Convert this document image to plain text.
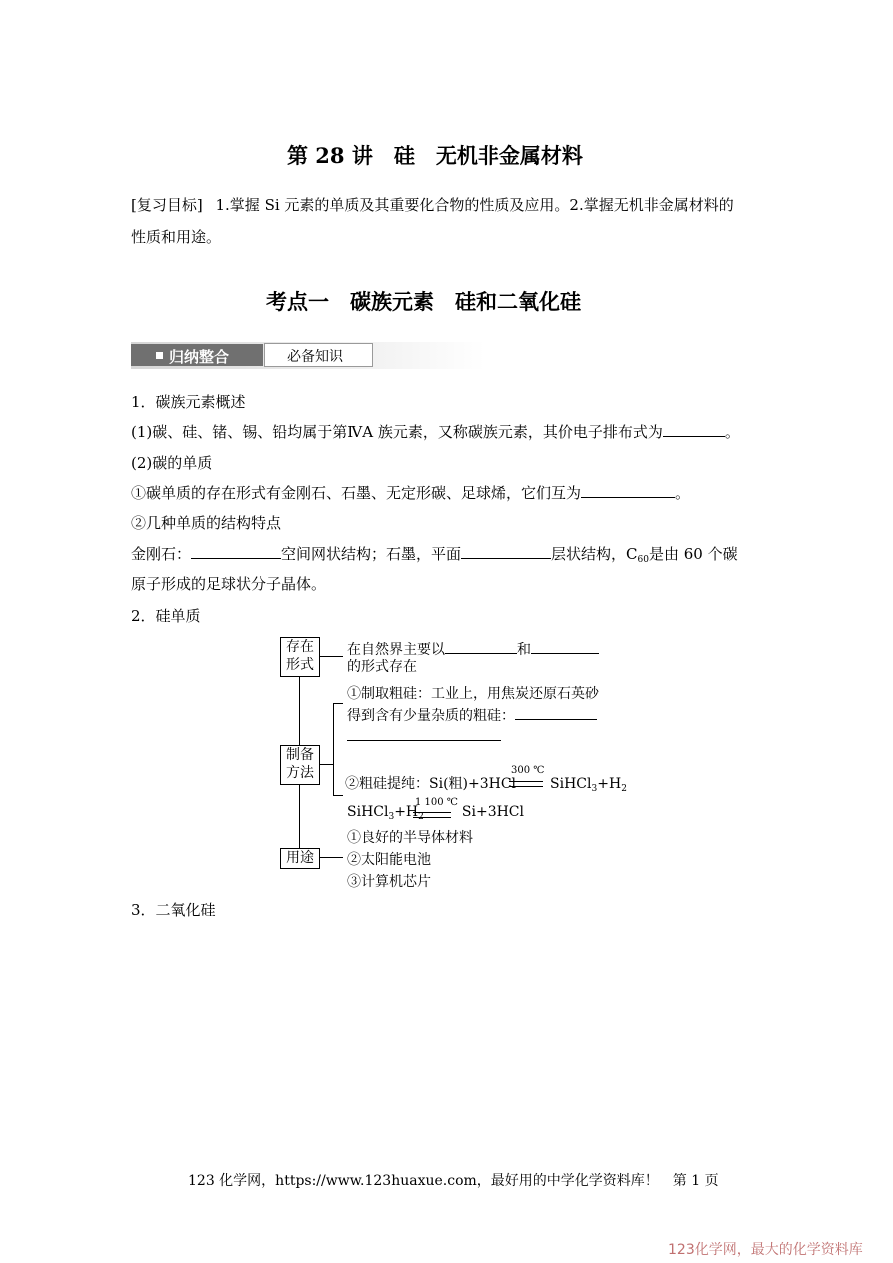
第 28 讲　硅　无机非金属材料
[复习目标] 1.掌握 Si 元素的单质及其重要化合物的性质及应用。2.掌握无机非金属材料的
性质和用途。
考点一　碳族元素　硅和二氧化硅
归纳整合	必备知识
1．碳族元素概述
(1)碳、硅、锗、锡、铅均属于第ⅣA 族元素，又称碳族元素，其价电子排布式为	。
(2)碳的单质
①碳单质的存在形式有金刚石、石墨、无定形碳、足球烯，它们互为	。
②几种单质的结构特点
金刚石：	空间网状结构；石墨，平面	层状结构，$C_{60}$是由 60 个碳
原子形成的足球状分子晶体。
2．硅单质
存在
形式
制备
方法
用途
在自然界主要以	和
的形式存在
①制取粗硅：工业上，用焦炭还原石英砂
得到含有少量杂质的粗硅：
②粗硅提纯：Si(粗)+3HCl $SiHCl_3+H_2$
300 ℃
$SiHCl_3+H_2$	Si+3HCl
1 100 ℃
①良好的半导体材料
②太阳能电池
③计算机芯片
3．二氧化硅
123 化学网，https://www.123huaxue.com，最好用的中学化学资料库！　第 1 页
123化学网，最大的化学资料库
